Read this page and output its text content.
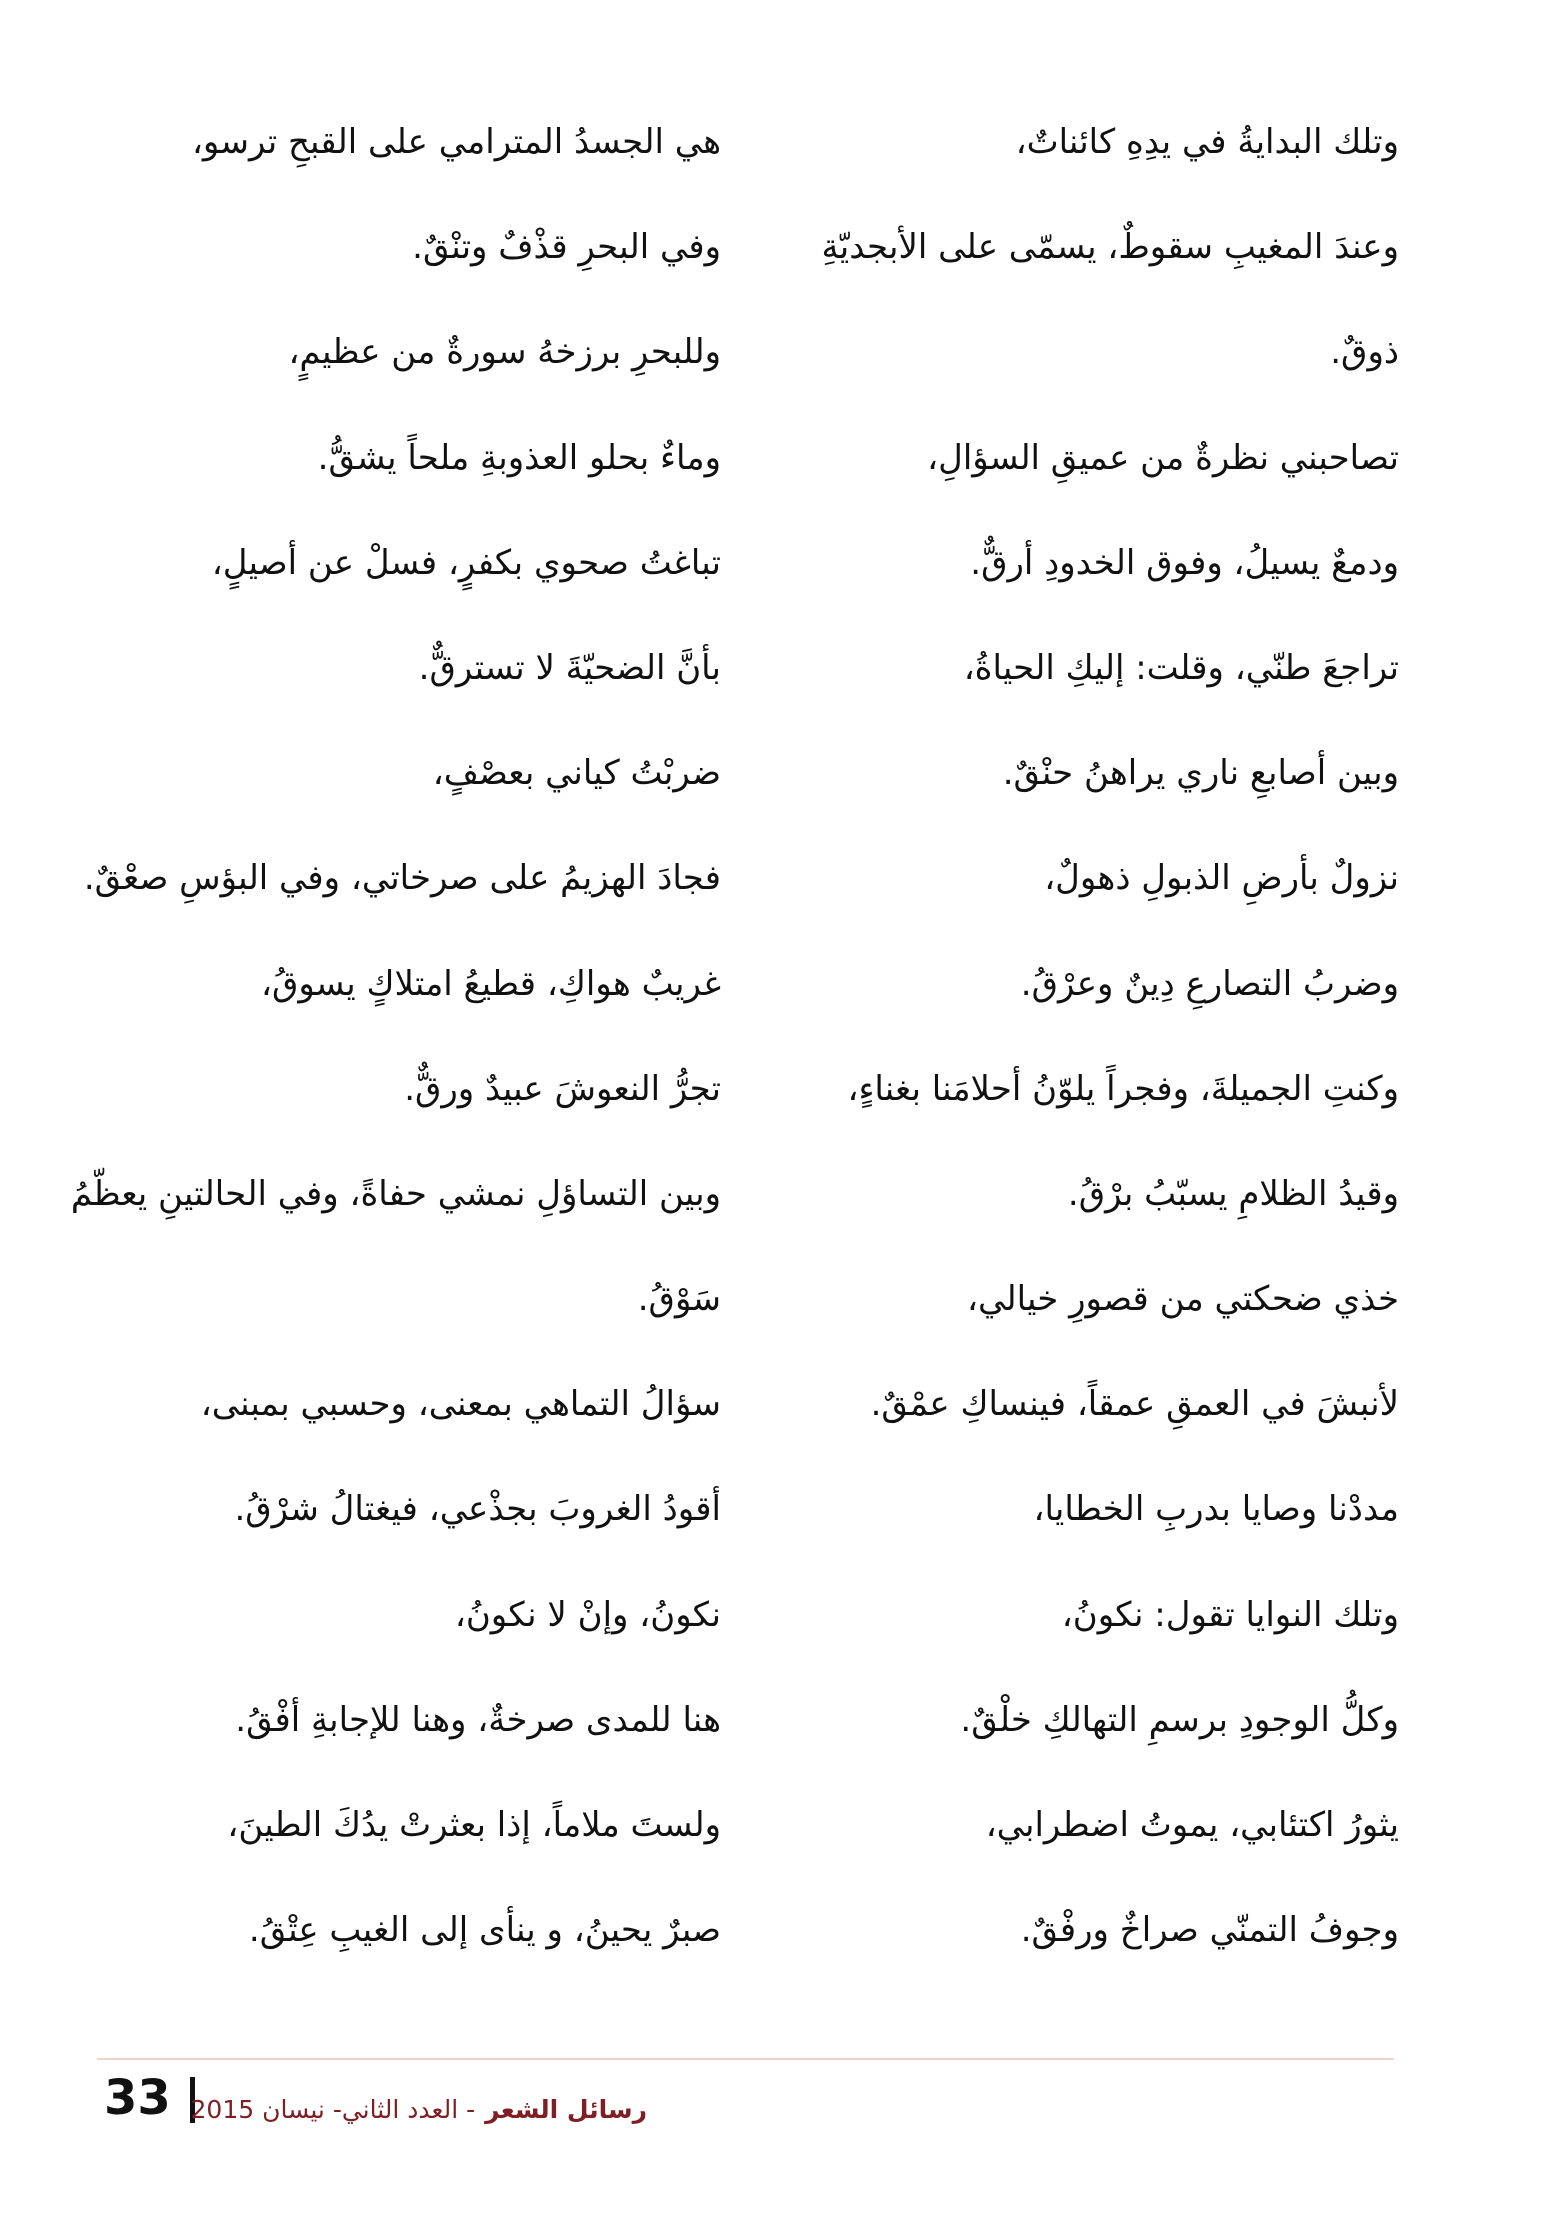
وتلك البدايةُ في يدِهِ كائناتٌ،
وعندَ المغيبِ سقوطٌ، يسمّى على الأبجديّةِ
ذوقٌ.
تصاحبني نظرةٌ من عميقِ السؤالِ،
ودمعٌ يسيلُ، وفوق الخدودِ أرقٌّ.
تراجعَ طنّي، وقلت: إليكِ الحياةُ،
وبين أصابعِ ناري يراهنُ حنْقٌ.
نزولٌ بأرضِ الذبولِ ذهولٌ،
وضربُ التصارعِ دِينٌ وعرْقُ.
وكنتِ الجميلةَ، وفجراً يلوّنُ أحلامَنا بغناءٍ،
وقيدُ الظلامِ يسبّبُ برْقُ.
خذي ضحكتي من قصورِ خيالي،
لأنبشَ في العمقِ عمقاً، فينساكِ عمْقٌ.
مددْنا وصايا بدربِ الخطايا،
وتلك النوايا تقول: نكونُ،
وكلُّ الوجودِ برسمِ التهالكِ خلْقٌ.
يثورُ اكتئابي، يموتُ اضطرابي،
وجوفُ التمنّي صراخٌ ورفْقٌ.
هي الجسدُ المترامي على القبحِ ترسو،
وفي البحرِ قذْفٌ وتنْقٌ.
وللبحرِ برزخهُ سورةٌ من عظيمٍ،
وماءٌ بحلو العذوبةِ ملحاً يشقُّ.
تباغتُ صحوي بكفرٍ، فسلْ عن أصيلٍ،
بأنَّ الضحيّةَ لا تسترقٌّ.
ضربْتُ كياني بعصْفٍ،
فجادَ الهزيمُ على صرخاتي، وفي البؤسِ صعْقٌ.
غريبٌ هواكِ، قطيعُ امتلاكٍ يسوقُ،
تجرُّ النعوشَ عبيدٌ ورقٌّ.
وبين التساؤلِ نمشي حفاةً، وفي الحالتينِ يعظّمُ
سَوْقُ.
سؤالُ التماهي بمعنى، وحسبي بمبنى،
أقودُ الغروبَ بجذْعي، فيغتالُ شرْقُ.
نكونُ، وإنْ لا نكونُ،
هنا للمدى صرخةٌ، وهنا للإجابةِ أفْقُ.
ولستَ ملاماً، إذا بعثرتْ يدُكَ الطينَ،
صبرٌ يحينُ، و ينأى إلى الغيبِ عِتْقُ.
33	رسائل الشعر- العدد الثاني- نيسان 2015
